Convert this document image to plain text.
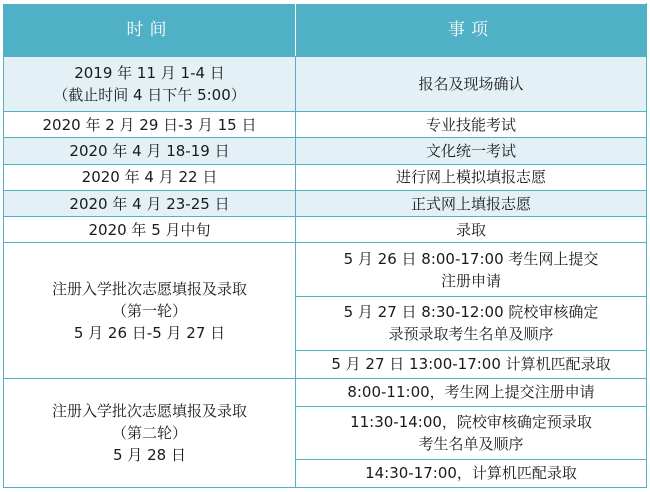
时间	事项

2019 年 11 月 1-4 日
（截止时间 4 日下午 5:00）	报名及现场确认
2020 年 2 月 29 日-3 月 15 日	专业技能考试
2020 年 4 月 18-19 日	文化统一考试
2020 年 4 月 22 日	进行网上模拟填报志愿
2020 年 4 月 23-25 日	正式网上填报志愿
2020 年 5 月中旬	录取

注册入学批次志愿填报及录取
（第一轮）
5 月 26 日-5 月 27 日	5 月 26 日 8:00-17:00 考生网上提交
注册申请

	5 月 27 日 8:30-12:00 院校审核确定
录预录取考生名单及顺序

	5 月 27 日 13:00-17:00 计算机匹配录取

注册入学批次志愿填报及录取
（第二轮）
5 月 28 日	8:00-11:00，考生网上提交注册申请

	11:30-14:00，院校审核确定预录取
考生名单及顺序

	14:30-17:00，计算机匹配录取
